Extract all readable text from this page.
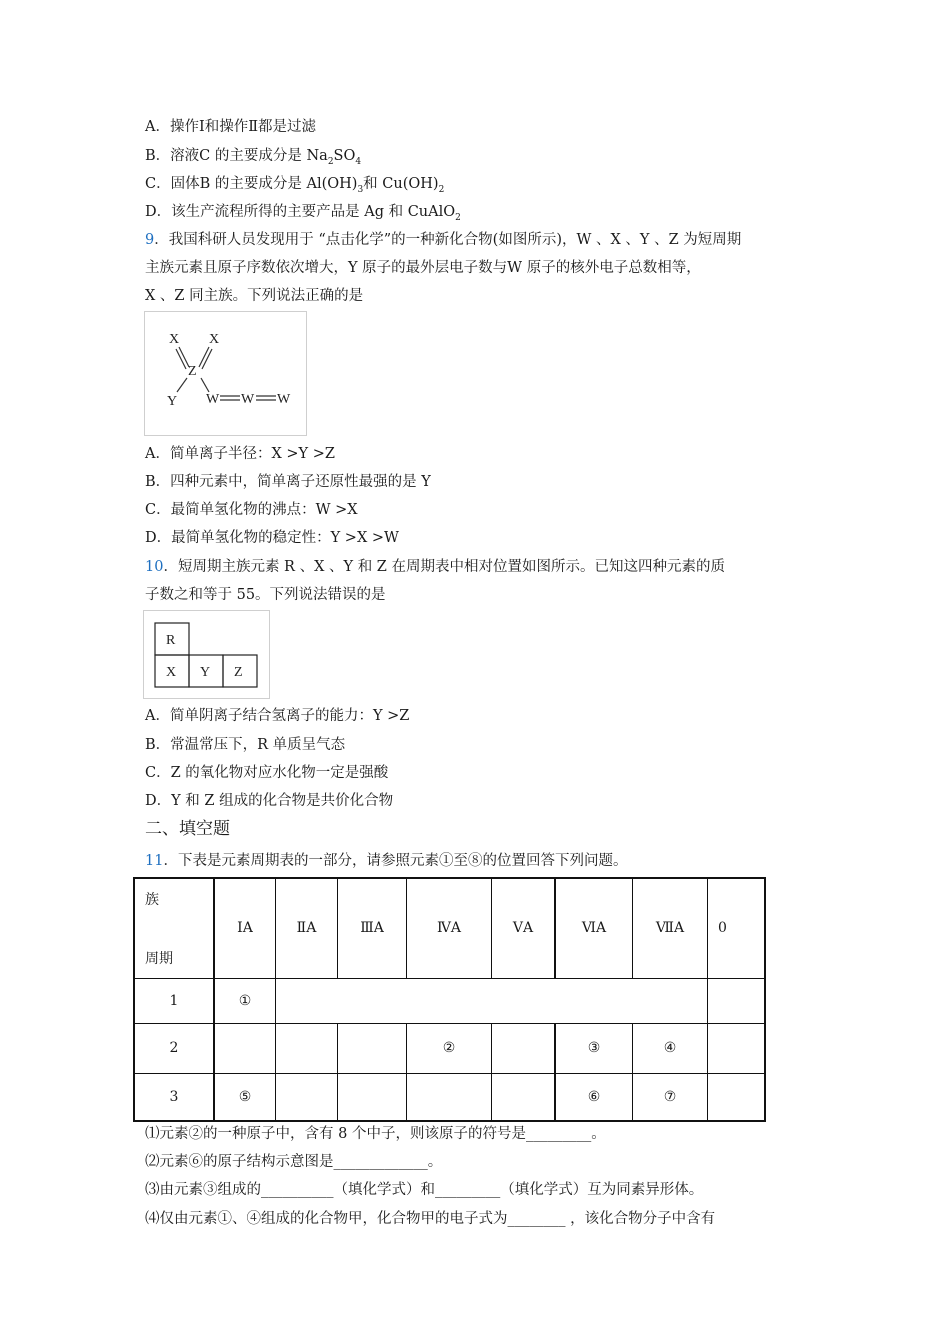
A．操作Ⅰ和操作Ⅱ都是过滤
B．溶液C 的主要成分是 $Na_2SO_4$
C．固体B 的主要成分是 $Al(OH)_3$和 $Cu(OH)_2$
D．该生产流程所得的主要产品是 Ag 和 CuAlO$_2$
9．我国科研人员发现用于 “点击化学”的一种新化合物(如图所示)，W 、X 、Y 、Z 为短周期
主族元素且原子序数依次增大，Y 原子的最外层电子数与W 原子的核外电子总数相等，
X 、Z 同主族。下列说法正确的是
X X
Z
Y W W W
A．简单离子半径：X >Y >Z
B．四种元素中，简单离子还原性最强的是 Y
C．最简单氢化物的沸点：W >X
D．最简单氢化物的稳定性：Y >X >W
10．短周期主族元素 R 、X 、Y 和 Z 在周期表中相对位置如图所示。已知这四种元素的质
子数之和等于 55。下列说法错误的是
R
X Y Z
A．简单阴离子结合氢离子的能力：Y >Z
B．常温常压下，R 单质呈气态
C．Z 的氧化物对应水化物一定是强酸
D．Y 和 Z 组成的化合物是共价化合物
二、填空题
11．下表是元素周期表的一部分，请参照元素①至⑧的位置回答下列问题。
族
周期	ⅠA	ⅡA	ⅢA	ⅣA	ⅤA	ⅥA	ⅦA	0
1	①							
2				②		③	④	
3	⑤					⑥	⑦	
⑴元素②的一种原子中，含有 8 个中子，则该原子的符号是_________。
⑵元素⑥的原子结构示意图是_____________。
⑶由元素③组成的__________（填化学式）和_________（填化学式）互为同素异形体。
⑷仅由元素①、④组成的化合物甲，化合物甲的电子式为________ ，该化合物分子中含有
